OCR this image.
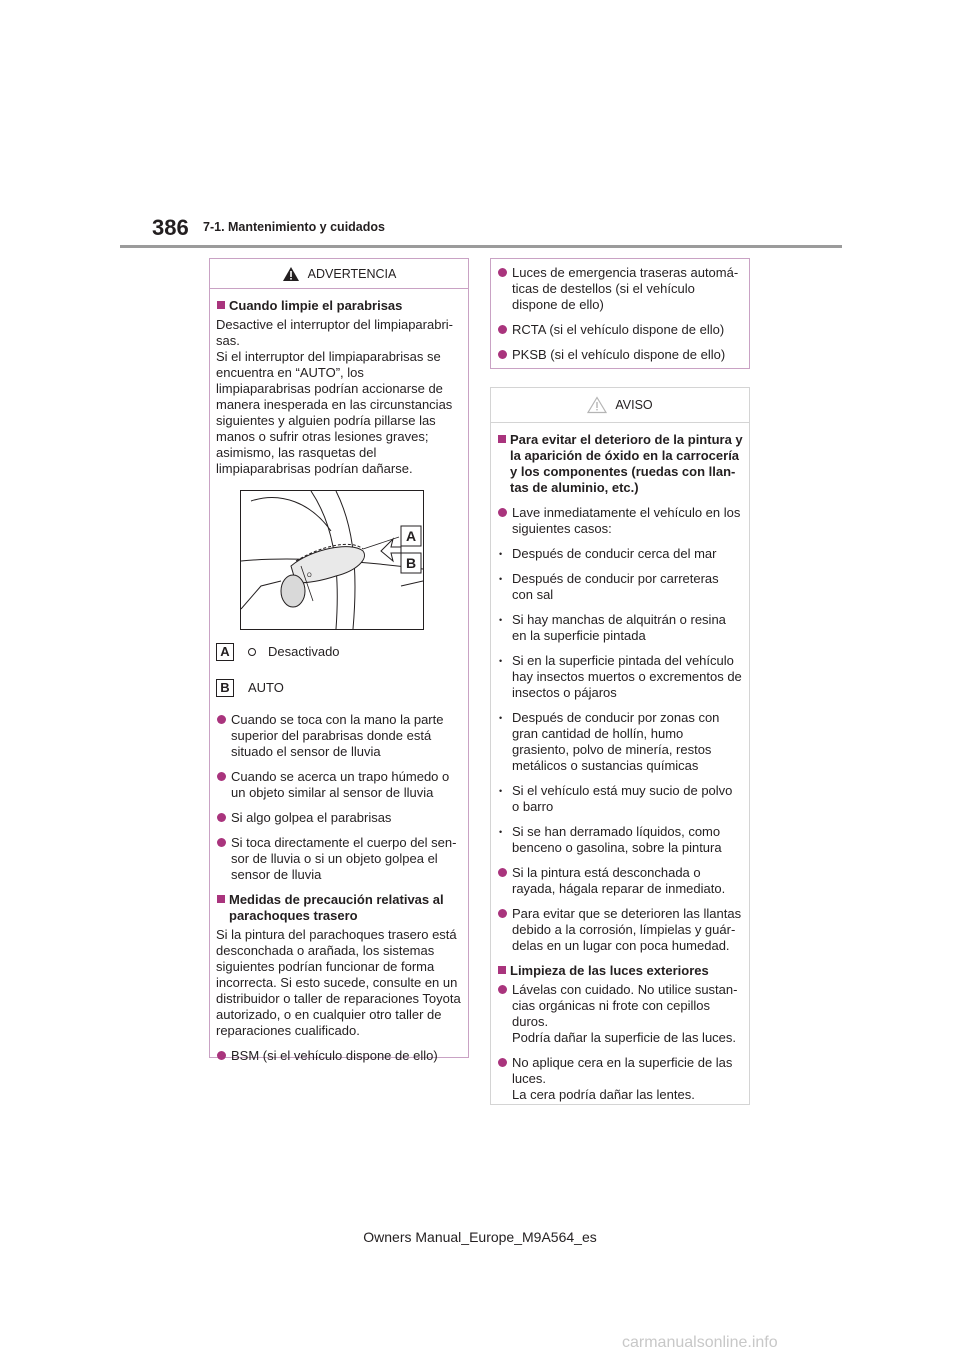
386 7-1. Mantenimiento y cuidados
ADVERTENCIA

Cuando limpie el parabrisas

Desactive el interruptor del limpiaparabri-sas.

Si el interruptor del limpiaparabrisas se encuentra en “AUTO”, los limpiaparabrisas podrían accionarse de manera inesperada en las circunstancias siguientes y alguien podría pillarse las manos o sufrir otras lesiones graves; asimismo, las rasquetas del limpiaparabrisas podrían dañarse.

O
A
B
A	Desactivado
B	AUTO

Cuando se toca con la mano la parte superior del parabrisas donde está situado el sensor de lluvia

Cuando se acerca un trapo húmedo o un objeto similar al sensor de lluvia

Si algo golpea el parabrisas

Si toca directamente el cuerpo del sen-sor de lluvia o si un objeto golpea el sensor de lluvia

Medidas de precaución relativas al parachoques trasero

Si la pintura del parachoques trasero está desconchada o arañada, los sistemas siguientes podrían funcionar de forma incorrecta. Si esto sucede, consulte en un distribuidor o taller de reparaciones Toyota autorizado, o en cualquier otro taller de reparaciones cualificado.

BSM (si el vehículo dispone de ello)

Luces de emergencia traseras automá-ticas de destellos (si el vehículo dispone de ello)

RCTA (si el vehículo dispone de ello)

PKSB (si el vehículo dispone de ello)

AVISO

Para evitar el deterioro de la pintura y la aparición de óxido en la carrocería y los componentes (ruedas con llan-tas de aluminio, etc.)

Lave inmediatamente el vehículo en los siguientes casos:

• Después de conducir cerca del mar

• Después de conducir por carreteras con sal

• Si hay manchas de alquitrán o resina en la superficie pintada

• Si en la superficie pintada del vehículo hay insectos muertos o excrementos de insectos o pájaros

• Después de conducir por zonas con gran cantidad de hollín, humo grasiento, polvo de minería, restos metálicos o sustancias químicas

• Si el vehículo está muy sucio de polvo o barro

• Si se han derramado líquidos, como benceno o gasolina, sobre la pintura

Si la pintura está desconchada o rayada, hágala reparar de inmediato.

Para evitar que se deterioren las llantas debido a la corrosión, límpielas y guár-delas en un lugar con poca humedad.

Limpieza de las luces exteriores

Lávelas con cuidado. No utilice sustan-cias orgánicas ni frote con cepillos duros.

Podría dañar la superficie de las luces.

No aplique cera en la superficie de las luces.

La cera podría dañar las lentes.

Owners Manual_Europe_M9A564_es
carmanualsonline.info
